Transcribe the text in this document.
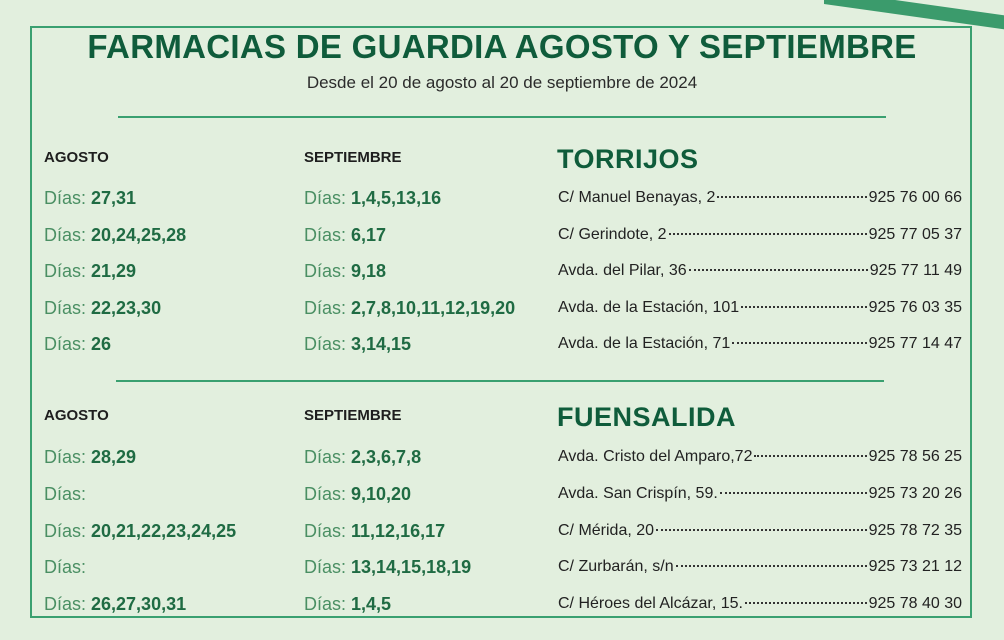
FARMACIAS DE GUARDIA AGOSTO Y SEPTIEMBRE
Desde el 20 de agosto al 20 de septiembre de 2024
AGOSTO	SEPTIEMBRE	TORRIJOS
Días: 27,31	Días: 1,4,5,13,16	C/ Manuel Benayas, 2	925 76 00 66
Días: 20,24,25,28	Días: 6,17	C/ Gerindote, 2	925 77 05 37
Días: 21,29	Días: 9,18	Avda. del Pilar, 36	925 77 11 49
Días: 22,23,30	Días: 2,7,8,10,11,12,19,20	Avda. de la Estación, 101	925 76 03 35
Días: 26	Días: 3,14,15	Avda. de la Estación, 71	925 77 14 47
AGOSTO	SEPTIEMBRE	FUENSALIDA
Días: 28,29	Días: 2,3,6,7,8	Avda. Cristo del Amparo,72	925 78 56 25
Días:	Días: 9,10,20	Avda. San Crispín, 59.	925 73 20 26
Días: 20,21,22,23,24,25	Días: 11,12,16,17	C/ Mérida, 20	925 78 72 35
Días:	Días: 13,14,15,18,19	C/ Zurbarán, s/n	925 73 21 12
Días: 26,27,30,31	Días: 1,4,5	C/ Héroes del Alcázar, 15.	925 78 40 30
